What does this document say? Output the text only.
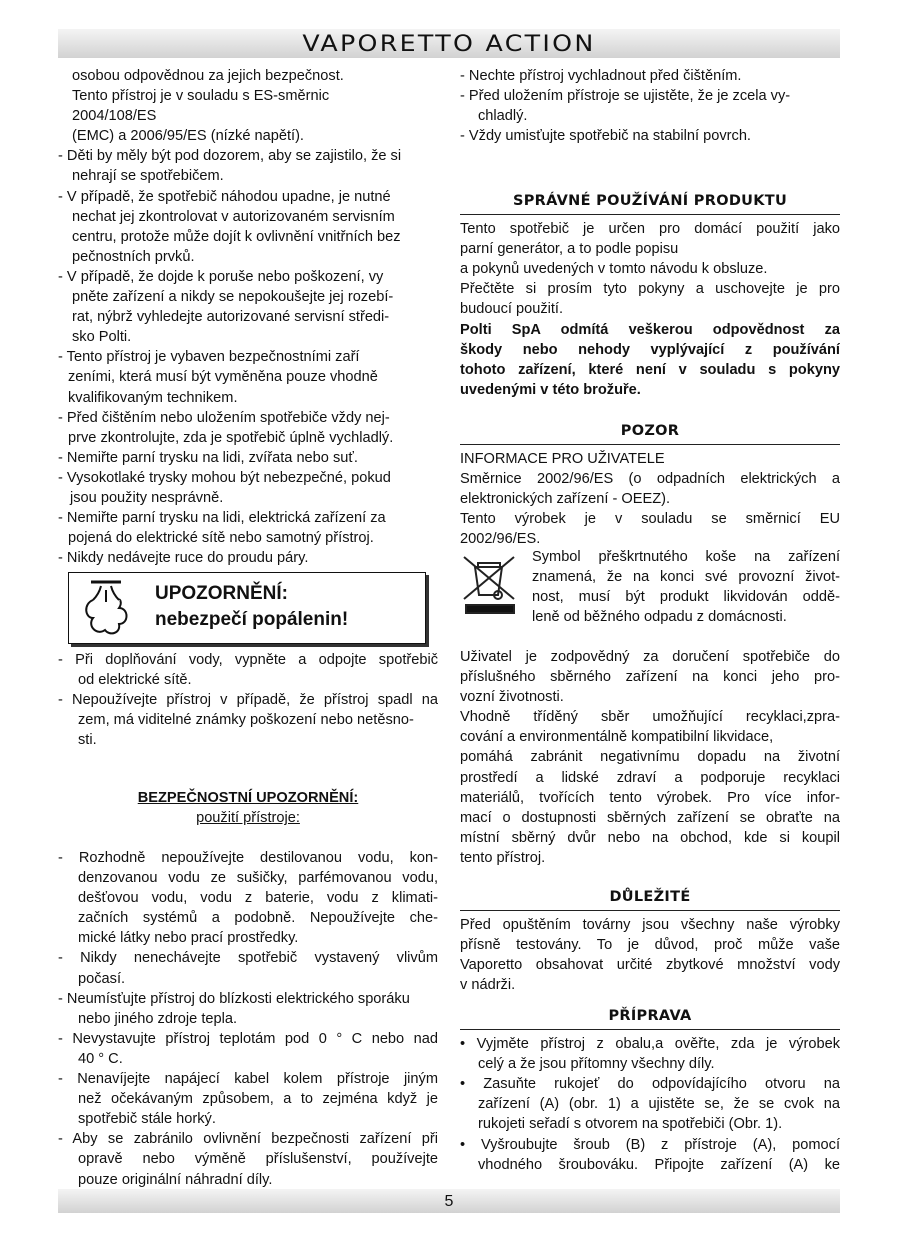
VAPORETTO ACTION
osobou odpovědnou za jejich bezpečnost.
Tento přístroj je v souladu s ES-směrnic
2004/108/ES
(EMC) a 2006/95/ES (nízké napětí).
- Děti by měly být pod dozorem, aby se zajistilo, že si
nehrají se spotřebičem.
- V případě, že spotřebič náhodou upadne, je nutné
nechat jej zkontrolovat v autorizovaném servisním
centru, protože může dojít k ovlivnění vnitřních bez
pečnostních prvků.
- V případě, že dojde k poruše nebo poškození, vy
pněte zařízení a nikdy se nepokoušejte jej rozebí-
rat, nýbrž vyhledejte autorizované servisní středi-
sko Polti.
- Tento přístroj je vybaven bezpečnostními zaří
zeními, která musí být vyměněna pouze vhodně
kvalifikovaným technikem.
- Před čištěním nebo uložením spotřebiče vždy nej-
prve zkontrolujte, zda je spotřebič úplně vychladlý.
- Nemiřte parní trysku na lidi, zvířata nebo suť.
- Vysokotlaké trysky mohou být nebezpečné, pokud
jsou použity nesprávně.
- Nemiřte parní trysku na lidi, elektrická zařízení za
pojená do elektrické sítě nebo samotný přístroj.
- Nikdy nedávejte ruce do proudu páry.
- Při doplňování vody, vypněte a odpojte spotřebič
od elektrické sítě.
- Nepoužívejte přístroj v případě, že přístroj spadl na
zem, má viditelné známky poškození nebo netěsno-
sti.
BEZPEČNOSTNÍ UPOZORNĚNÍ:
použití přístroje:
- Rozhodně nepoužívejte destilovanou vodu, kon-
denzovanou vodu ze sušičky, parfémovanou vodu,
dešťovou vodu, vodu z baterie, vodu z klimati-
začních systémů a podobně. Nepoužívejte che-
mické látky nebo prací prostředky.
- Nikdy nenechávejte spotřebič vystavený vlivům
počasí.
- Neumísťujte přístroj do blízkosti elektrického sporáku
nebo jiného zdroje tepla.
- Nevystavujte přístroj teplotám pod 0 ° C nebo nad
40 ° C.
- Nenavíjejte napájecí kabel kolem přístroje jiným
než očekávaným způsobem, a to zejména když je
spotřebič stále horký.
- Aby se zabránilo ovlivnění bezpečnosti zařízení při
opravě nebo výměně příslušenství, používejte
pouze originální náhradní díly.
- Nechte přístroj vychladnout před čištěním.
- Před uložením přístroje se ujistěte, že je zcela vy-
chladlý.
- Vždy umisťujte spotřebič na stabilní povrch.
SPRÁVNÉ POUŽÍVÁNÍ PRODUKTU
Tento spotřebič je určen pro domácí použití jako
parní generátor, a to podle popisu
a pokynů uvedených v tomto návodu k obsluze.
Přečtěte si prosím tyto pokyny a uschovejte je pro
budoucí použití.
Polti SpA odmítá veškerou odpovědnost za
škody nebo nehody vyplývající z používání
tohoto zařízení, které není v souladu s pokyny
uvedenými v této brožuře.
POZOR
INFORMACE PRO UŽIVATELE
Směrnice 2002/96/ES (o odpadních elektrických a
elektronických zařízení - OEEZ).
Tento výrobek je v souladu se směrnicí EU
2002/96/ES.
Symbol přeškrtnutého koše na zařízení
znamená, že na konci své provozní život-
nost, musí být produkt likvidován oddě-
leně od běžného odpadu z domácnosti.
Uživatel je zodpovědný za doručení spotřebiče do
příslušného sběrného zařízení na konci jeho pro-
vozní životnosti.
Vhodně tříděný sběr umožňující recyklaci,zpra-
cování a environmentálně kompatibilní likvidace,
pomáhá zabránit negativnímu dopadu na životní
prostředí a lidské zdraví a podporuje recyklaci
materiálů, tvořících tento výrobek. Pro více infor-
mací o dostupnosti sběrných zařízení se obraťte na
místní sběrný dvůr nebo na obchod, kde si koupil
tento přístroj.
DŮLEŽITÉ
Před opuštěním továrny jsou všechny naše výrobky
přísně testovány. To je důvod, proč může vaše
Vaporetto obsahovat určité zbytkové množství vody
v nádrži.
PŘÍPRAVA
• Vyjměte přístroj z obalu,a ověřte, zda je výrobek
celý a že jsou přítomny všechny díly.
• Zasuňte rukojeť do odpovídajícího otvoru na
zařízení (A) (obr. 1) a ujistěte se, že se cvok na
rukojeti seřadí s otvorem na spotřebiči (Obr. 1).
• Vyšroubujte šroub (B) z přístroje (A), pomocí
vhodného šroubováku. Připojte zařízení (A) ke
UPOZORNĚNÍ:
nebezpečí popálenin!
5
